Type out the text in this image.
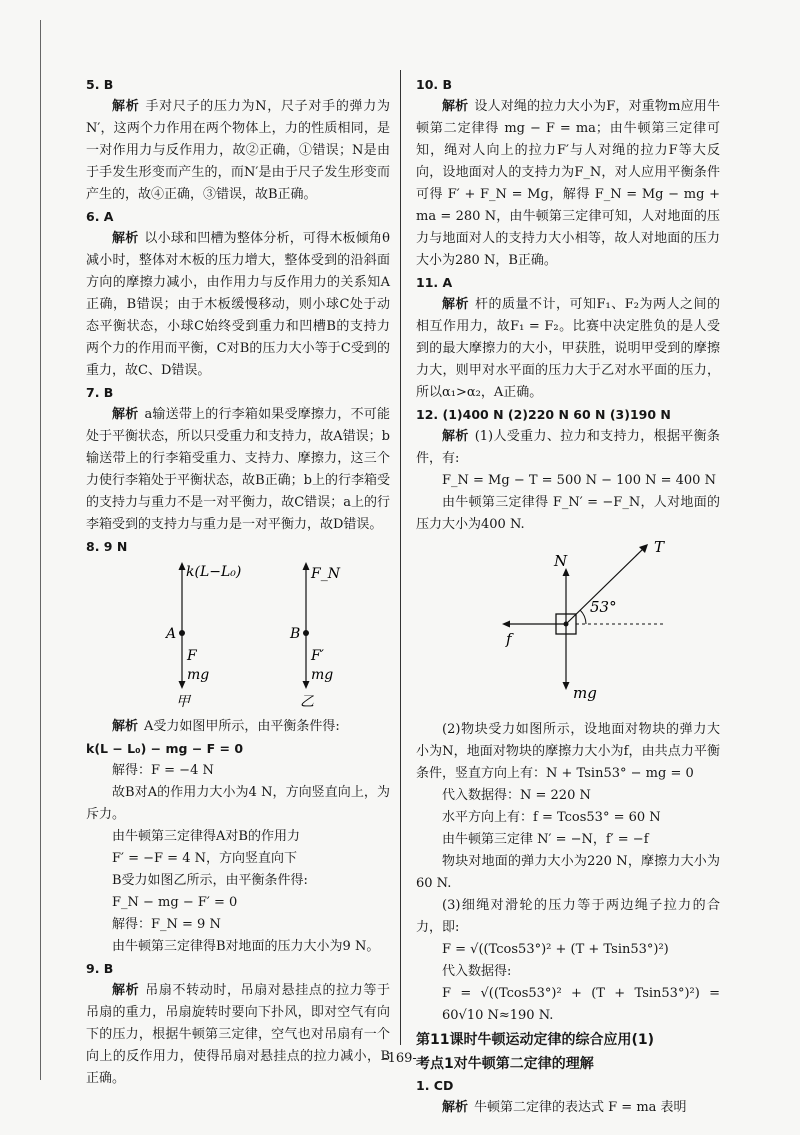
5. B

解析 手对尺子的压力为N，尺子对手的弹力为N′，这两个力作用在两个物体上，力的性质相同，是一对作用力与反作用力，故②正确，①错误；N是由于手发生形变而产生的，而N′是由于尺子发生形变而产生的，故④正确，③错误，故B正确。

6. A

解析 以小球和凹槽为整体分析，可得木板倾角θ减小时，整体对木板的压力增大，整体受到的沿斜面方向的摩擦力减小，由作用力与反作用力的关系知A正确，B错误；由于木板缓慢移动，则小球C处于动态平衡状态，小球C始终受到重力和凹槽B的支持力两个力的作用而平衡，C对B的压力大小等于C受到的重力，故C、D错误。

7. B

解析 a输送带上的行李箱如果受摩擦力，不可能处于平衡状态，所以只受重力和支持力，故A错误；b输送带上的行李箱受重力、支持力、摩擦力，这三个力使行李箱处于平衡状态，故B正确；b上的行李箱受的支持力与重力不是一对平衡力，故C错误；a上的行李箱受到的支持力与重力是一对平衡力，故D错误。

8. 9 N

A
k(L−L₀)
F
mg
甲
B
F_N
F′
mg
乙

解析 A受力如图甲所示，由平衡条件得:

k(L − L₀) − mg − F = 0

解得：F = −4 N

故B对A的作用力大小为4 N，方向竖直向上，为斥力。

由牛顿第三定律得A对B的作用力

F′ = −F = 4 N，方向竖直向下

B受力如图乙所示，由平衡条件得:

F_N − mg − F′ = 0

解得：F_N = 9 N

由牛顿第三定律得B对地面的压力大小为9 N。

9. B

解析 吊扇不转动时，吊扇对悬挂点的拉力等于吊扇的重力，吊扇旋转时要向下扑风，即对空气有向下的压力，根据牛顿第三定律，空气也对吊扇有一个向上的反作用力，使得吊扇对悬挂点的拉力减小，B正确。

10. B

解析 设人对绳的拉力大小为F，对重物m应用牛顿第二定律得 mg − F = ma；由牛顿第三定律可知，绳对人向上的拉力F′与人对绳的拉力F等大反向，设地面对人的支持力为F_N，对人应用平衡条件可得 F′ + F_N = Mg，解得 F_N = Mg − mg + ma = 280 N，由牛顿第三定律可知，人对地面的压力与地面对人的支持力大小相等，故人对地面的压力大小为280 N，B正确。

11. A

解析 杆的质量不计，可知F₁、F₂为两人之间的相互作用力，故F₁ = F₂。比赛中决定胜负的是人受到的最大摩擦力的大小，甲获胜，说明甲受到的摩擦力大，则甲对水平面的压力大于乙对水平面的压力，所以α₁>α₂，A正确。

12. (1)400 N (2)220 N 60 N (3)190 N

解析 (1)人受重力、拉力和支持力，根据平衡条件，有:

F_N = Mg − T = 500 N − 100 N = 400 N

由牛顿第三定律得 F_N′ = −F_N，人对地面的压力大小为400 N.

N
T
f
mg
53°

(2)物块受力如图所示，设地面对物块的弹力大小为N，地面对物块的摩擦力大小为f，由共点力平衡条件，竖直方向上有：N + Tsin53° − mg = 0

代入数据得：N = 220 N

水平方向上有：f = Tcos53° = 60 N

由牛顿第三定律 N′ = −N，f′ = −f

物块对地面的弹力大小为220 N，摩擦力大小为60 N.

(3)细绳对滑轮的压力等于两边绳子拉力的合力，即:

F = √((Tcos53°)² + (T + Tsin53°)²)

代入数据得:

F = √((Tcos53°)² + (T + Tsin53°)²) = 60√10 N≈190 N.

第11课时牛顿运动定律的综合应用(1)

考点1对牛顿第二定律的理解

1. CD

解析 牛顿第二定律的表达式 F = ma 表明

-169-
